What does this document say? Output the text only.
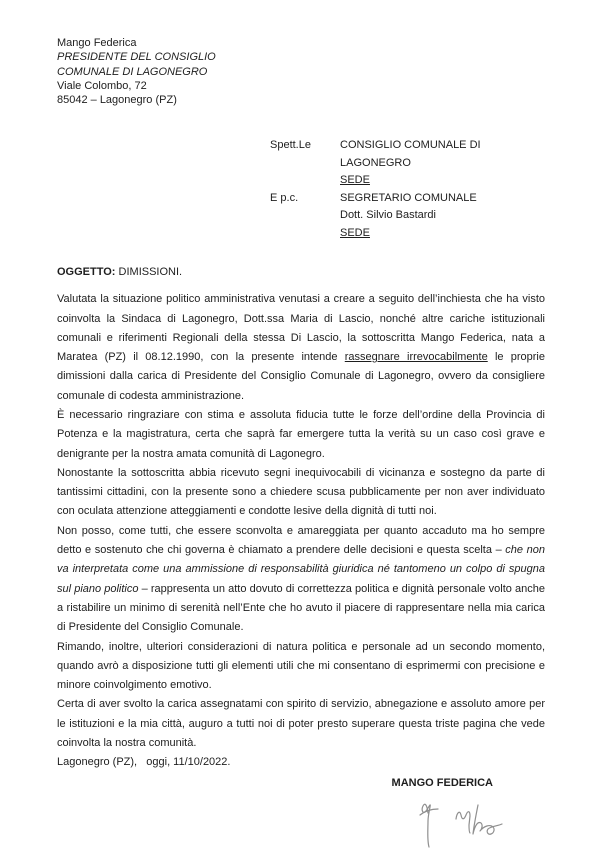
Mango Federica
PRESIDENTE DEL CONSIGLIO
COMUNALE DI LAGONEGRO
Viale Colombo, 72
85042 – Lagonegro (PZ)
Spett.Le	CONSIGLIO COMUNALE DI LAGONEGRO
SEDE
E p.c.	SEGRETARIO COMUNALE
Dott. Silvio Bastardi
SEDE
OGGETTO: DIMISSIONI.

Valutata la situazione politico amministrativa venutasi a creare a seguito dell’inchiesta che ha visto coinvolta la Sindaca di Lagonegro, Dott.ssa Maria di Lascio, nonché altre cariche istituzionali comunali e riferimenti Regionali della stessa Di Lascio, la sottoscritta Mango Federica, nata a Maratea (PZ) il 08.12.1990, con la presente intende rassegnare irrevocabilmente le proprie dimissioni dalla carica di Presidente del Consiglio Comunale di Lagonegro, ovvero da consigliere comunale di codesta amministrazione.

È necessario ringraziare con stima e assoluta fiducia tutte le forze dell’ordine della Provincia di Potenza e la magistratura, certa che saprà far emergere tutta la verità su un caso così grave e denigrante per la nostra amata comunità di Lagonegro.

Nonostante la sottoscritta abbia ricevuto segni inequivocabili di vicinanza e sostegno da parte di tantissimi cittadini, con la presente sono a chiedere scusa pubblicamente per non aver individuato con oculata attenzione atteggiamenti e condotte lesive della dignità di tutti noi.

Non posso, come tutti, che essere sconvolta e amareggiata per quanto accaduto ma ho sempre detto e sostenuto che chi governa è chiamato a prendere delle decisioni e questa scelta – che non va interpretata come una ammissione di responsabilità giuridica né tantomeno un colpo di spugna sul piano politico – rappresenta un atto dovuto di correttezza politica e dignità personale volto anche a ristabilire un minimo di serenità nell’Ente che ho avuto il piacere di rappresentare nella mia carica di Presidente del Consiglio Comunale.

Rimando, inoltre, ulteriori considerazioni di natura politica e personale ad un secondo momento, quando avrò a disposizione tutti gli elementi utili che mi consentano di esprimermi con precisione e minore coinvolgimento emotivo.

Certa di aver svolto la carica assegnatami con spirito di servizio, abnegazione e assoluto amore per le istituzioni e la mia città, auguro a tutti noi di poter presto superare questa triste pagina che vede coinvolta la nostra comunità.

Lagonegro (PZ),   oggi, 11/10/2022.
MANGO FEDERICA
